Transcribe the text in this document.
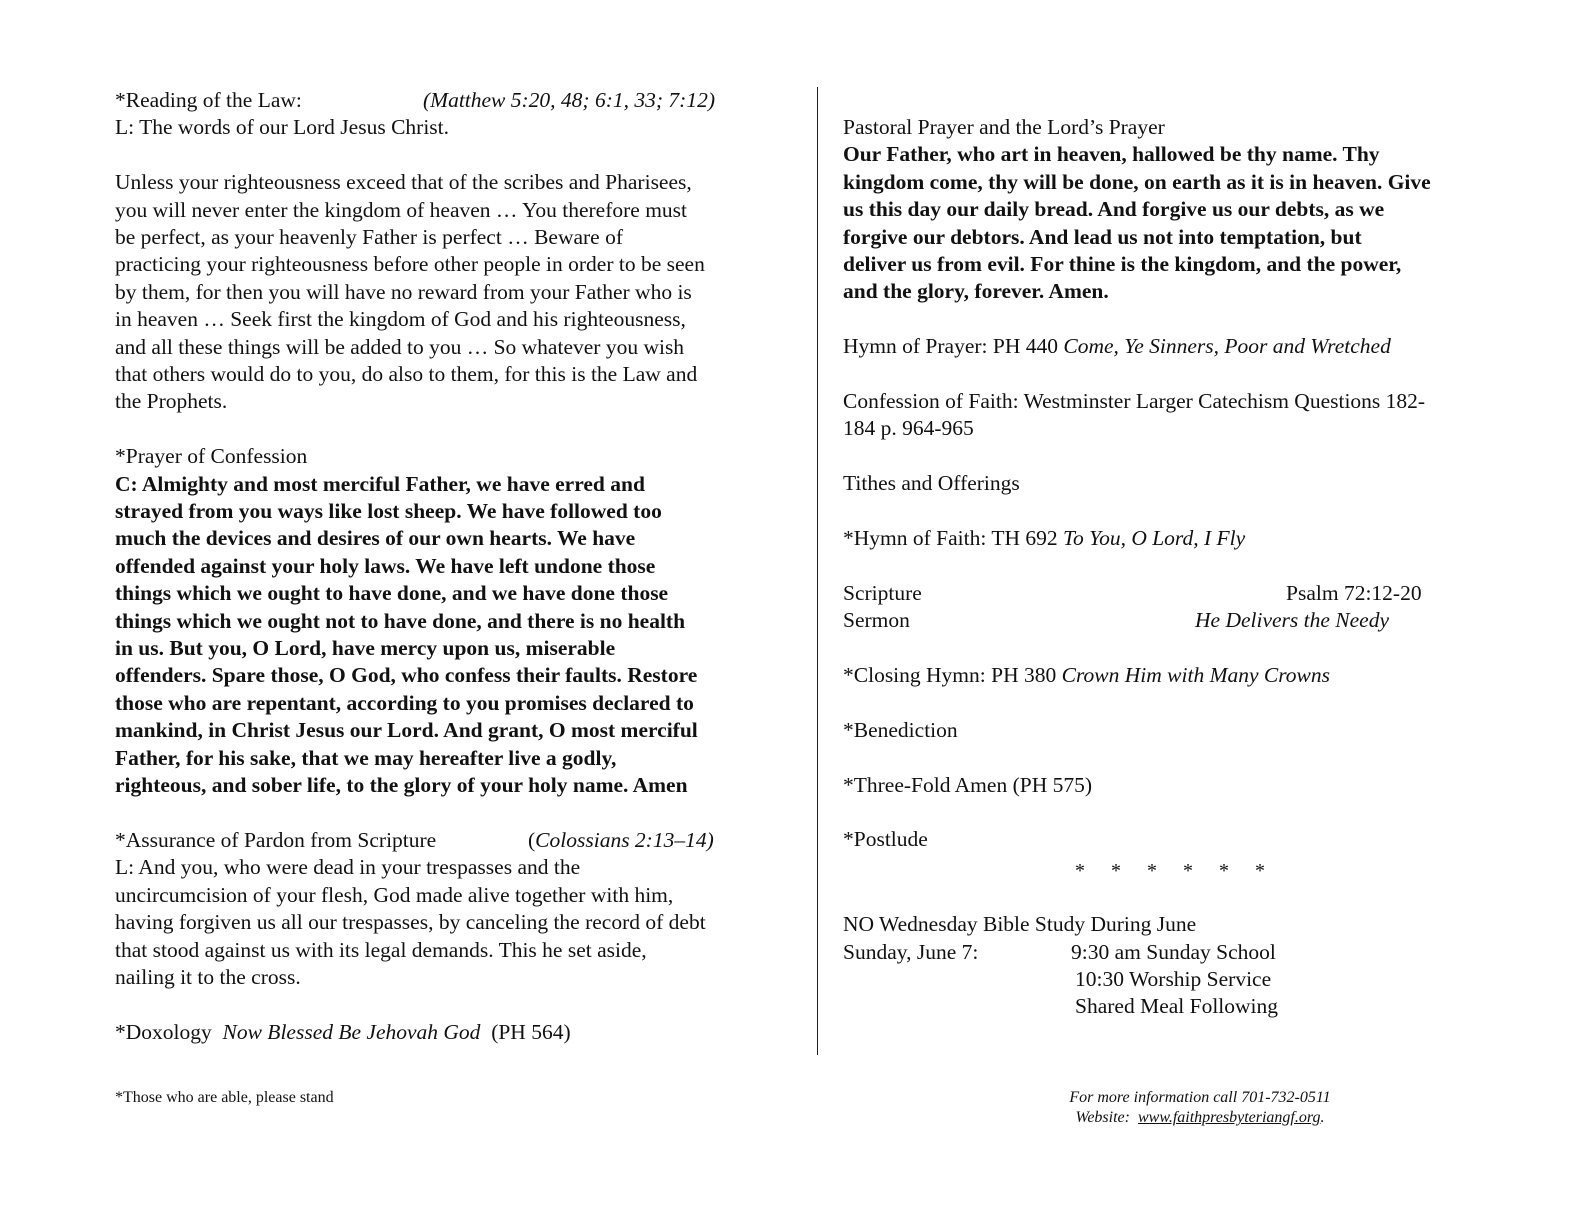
*Reading of the Law:	(Matthew 5:20, 48; 6:1, 33; 7:12)
L: The words of our Lord Jesus Christ.
Unless your righteousness exceed that of the scribes and Pharisees,
you will never enter the kingdom of heaven … You therefore must
be perfect, as your heavenly Father is perfect … Beware of
practicing your righteousness before other people in order to be seen
by them, for then you will have no reward from your Father who is
in heaven … Seek first the kingdom of God and his righteousness,
and all these things will be added to you … So whatever you wish
that others would do to you, do also to them, for this is the Law and
the Prophets.
*Prayer of Confession
C: Almighty and most merciful Father, we have erred and
strayed from you ways like lost sheep. We have followed too
much the devices and desires of our own hearts. We have
offended against your holy laws. We have left undone those
things which we ought to have done, and we have done those
things which we ought not to have done, and there is no health
in us. But you, O Lord, have mercy upon us, miserable
offenders. Spare those, O God, who confess their faults. Restore
those who are repentant, according to you promises declared to
mankind, in Christ Jesus our Lord. And grant, O most merciful
Father, for his sake, that we may hereafter live a godly,
righteous, and sober life, to the glory of your holy name. Amen
*Assurance of Pardon from Scripture	(Colossians 2:13–14)
L: And you, who were dead in your trespasses and the
uncircumcision of your flesh, God made alive together with him,
having forgiven us all our trespasses, by canceling the record of debt
that stood against us with its legal demands. This he set aside,
nailing it to the cross.
*Doxology Now Blessed Be Jehovah God (PH 564)
Pastoral Prayer and the Lord’s Prayer
Our Father, who art in heaven, hallowed be thy name. Thy
kingdom come, thy will be done, on earth as it is in heaven. Give
us this day our daily bread. And forgive us our debts, as we
forgive our debtors. And lead us not into temptation, but
deliver us from evil. For thine is the kingdom, and the power,
and the glory, forever. Amen.
Hymn of Prayer: PH 440 Come, Ye Sinners, Poor and Wretched
Confession of Faith: Westminster Larger Catechism Questions 182-
184 p. 964-965
Tithes and Offerings
*Hymn of Faith: TH 692 To You, O Lord, I Fly
Scripture	Psalm 72:12-20
Sermon	He Delivers the Needy
*Closing Hymn: PH 380 Crown Him with Many Crowns
*Benediction
*Three-Fold Amen (PH 575)
*Postlude
* * * * * *
NO Wednesday Bible Study During June
Sunday, June 7:	9:30 am Sunday School
10:30 Worship Service
Shared Meal Following
*Those who are able, please stand	For more information call 701-732-0511
Website: www.faithpresbyteriangf.org.
